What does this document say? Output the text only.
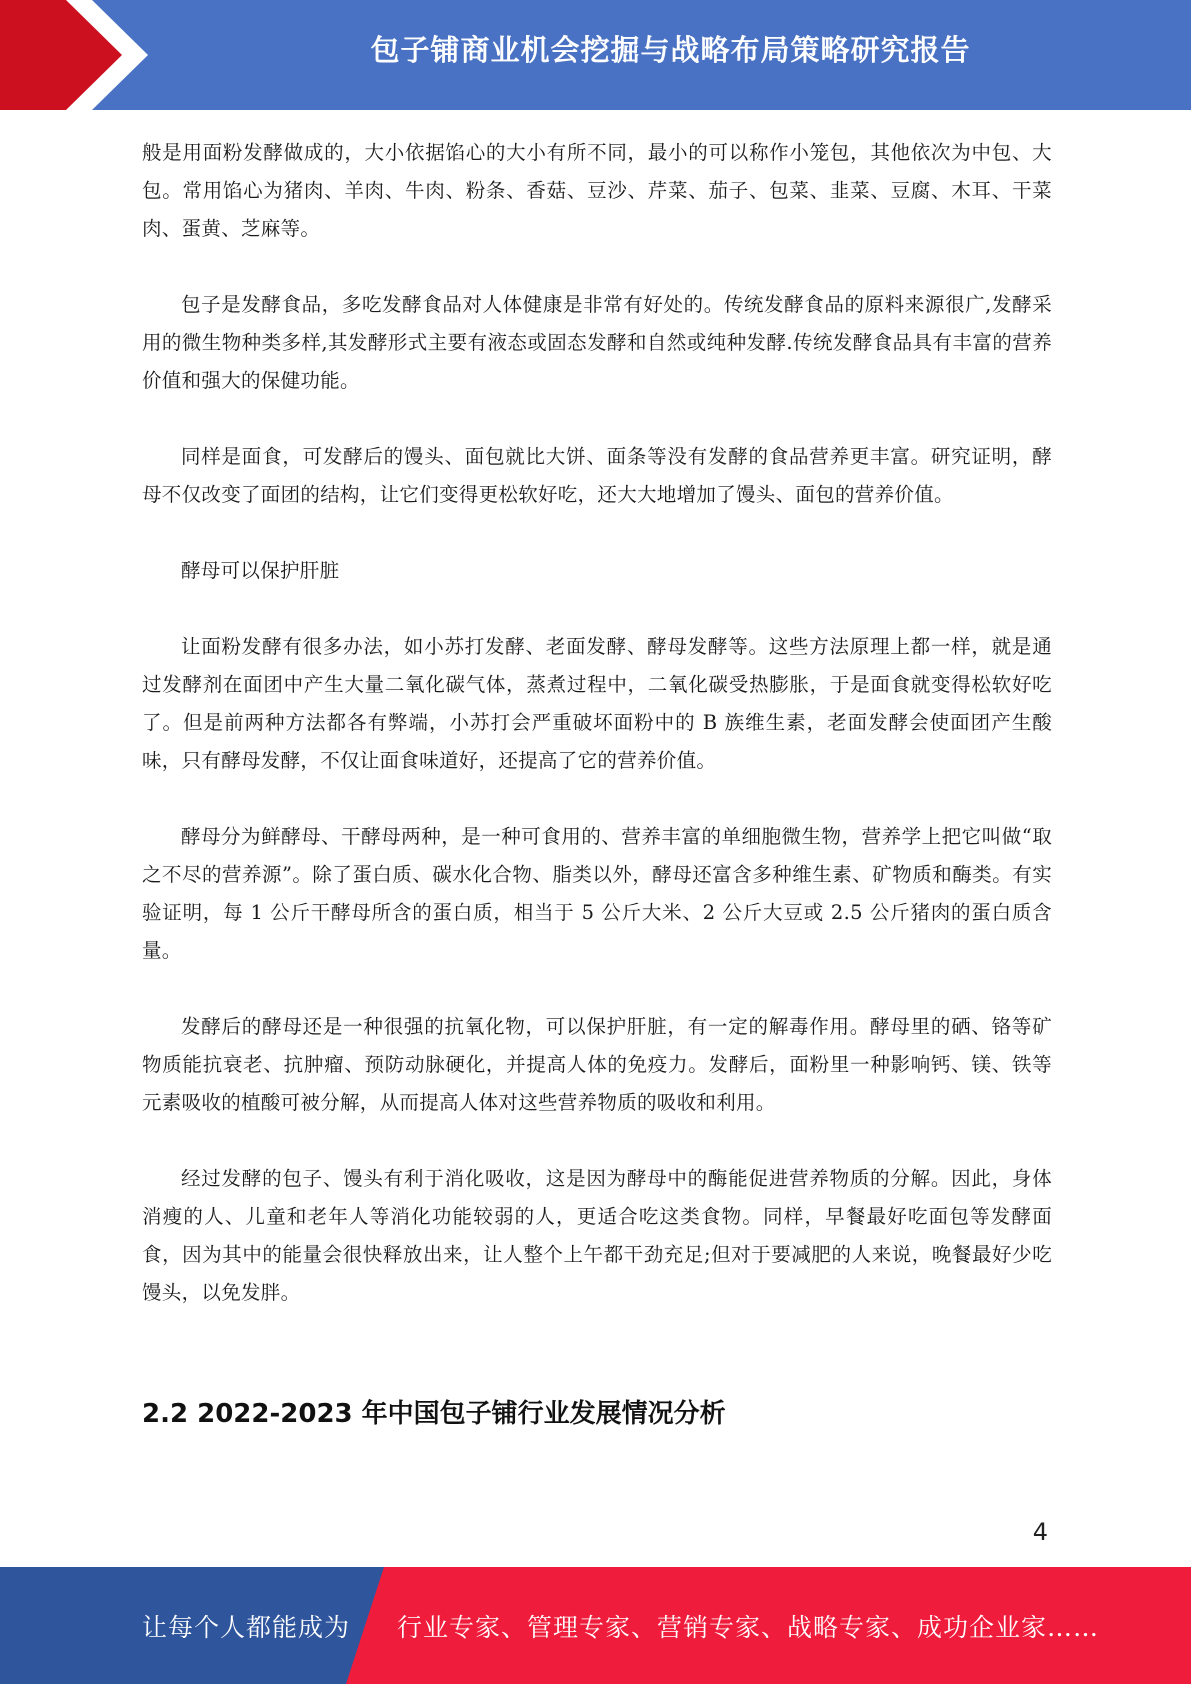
包子铺商业机会挖掘与战略布局策略研究报告

般是用面粉发酵做成的，大小依据馅心的大小有所不同，最小的可以称作小笼包，其他依次为中包、大包。常用馅心为猪肉、羊肉、牛肉、粉条、香菇、豆沙、芹菜、茄子、包菜、韭菜、豆腐、木耳、干菜肉、蛋黄、芝麻等。

包子是发酵食品，多吃发酵食品对人体健康是非常有好处的。传统发酵食品的原料来源很广,发酵采用的微生物种类多样,其发酵形式主要有液态或固态发酵和自然或纯种发酵.传统发酵食品具有丰富的营养价值和强大的保健功能。

同样是面食，可发酵后的馒头、面包就比大饼、面条等没有发酵的食品营养更丰富。研究证明，酵母不仅改变了面团的结构，让它们变得更松软好吃，还大大地增加了馒头、面包的营养价值。

酵母可以保护肝脏

让面粉发酵有很多办法，如小苏打发酵、老面发酵、酵母发酵等。这些方法原理上都一样，就是通过发酵剂在面团中产生大量二氧化碳气体，蒸煮过程中，二氧化碳受热膨胀，于是面食就变得松软好吃了。但是前两种方法都各有弊端，小苏打会严重破坏面粉中的 B 族维生素，老面发酵会使面团产生酸味，只有酵母发酵，不仅让面食味道好，还提高了它的营养价值。

酵母分为鲜酵母、干酵母两种，是一种可食用的、营养丰富的单细胞微生物，营养学上把它叫做“取之不尽的营养源”。除了蛋白质、碳水化合物、脂类以外，酵母还富含多种维生素、矿物质和酶类。有实验证明，每 1 公斤干酵母所含的蛋白质，相当于 5 公斤大米、2 公斤大豆或 2.5 公斤猪肉的蛋白质含量。

发酵后的酵母还是一种很强的抗氧化物，可以保护肝脏，有一定的解毒作用。酵母里的硒、铬等矿物质能抗衰老、抗肿瘤、预防动脉硬化，并提高人体的免疫力。发酵后，面粉里一种影响钙、镁、铁等元素吸收的植酸可被分解，从而提高人体对这些营养物质的吸收和利用。

经过发酵的包子、馒头有利于消化吸收，这是因为酵母中的酶能促进营养物质的分解。因此，身体消瘦的人、儿童和老年人等消化功能较弱的人，更适合吃这类食物。同样，早餐最好吃面包等发酵面食，因为其中的能量会很快释放出来，让人整个上午都干劲充足;但对于要减肥的人来说，晚餐最好少吃馒头，以免发胖。

2.2 2022-2023 年中国包子铺行业发展情况分析
4
让每个人都能成为 行业专家、管理专家、营销专家、战略专家、成功企业家……
